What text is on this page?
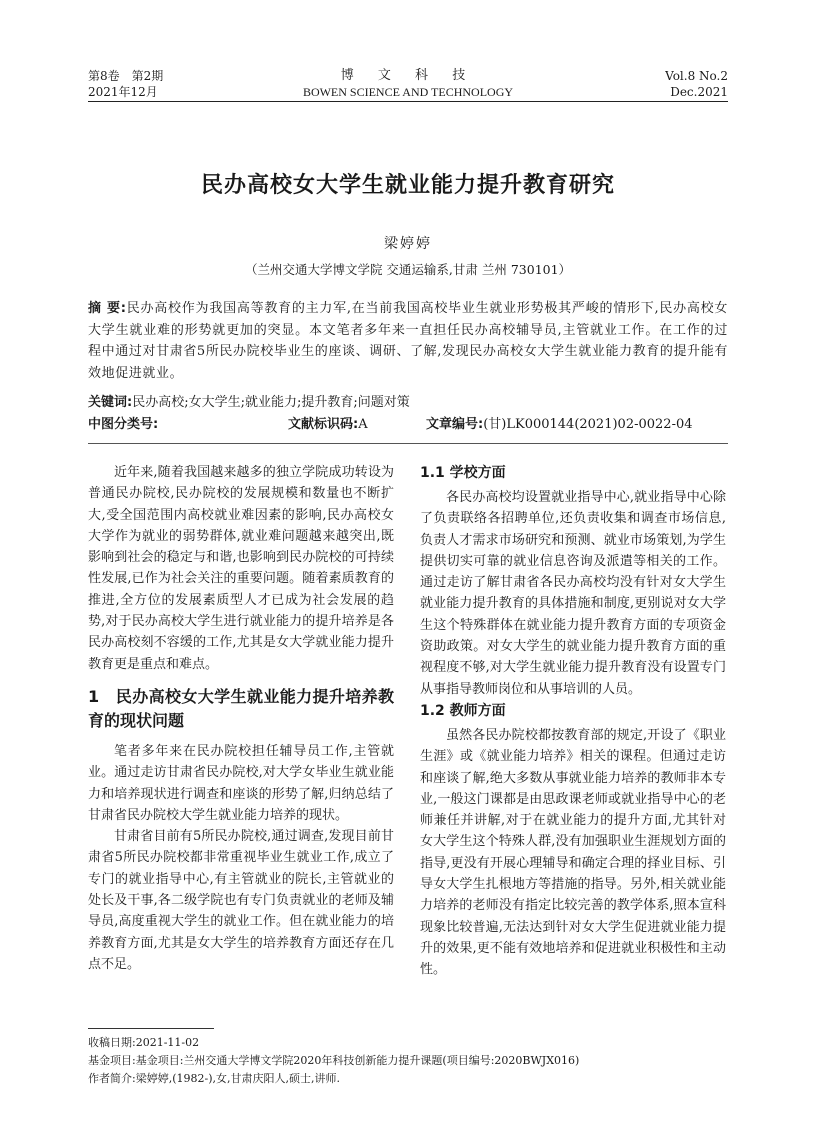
第8卷　第2期
2021年12月
博 文 科 技
BOWEN SCIENCE AND TECHNOLOGY
Vol.8 No.2
Dec.2021
民办高校女大学生就业能力提升教育研究
梁婷婷
（兰州交通大学博文学院 交通运输系,甘肃 兰州 730101）
摘 要:民办高校作为我国高等教育的主力军,在当前我国高校毕业生就业形势极其严峻的情形下,民办高校女大学生就业难的形势就更加的突显。本文笔者多年来一直担任民办高校辅导员,主管就业工作。在工作的过程中通过对甘肃省5所民办院校毕业生的座谈、调研、了解,发现民办高校女大学生就业能力教育的提升能有效地促进就业。
关键词:民办高校;女大学生;就业能力;提升教育;问题对策
中图分类号:	文献标识码:A	文章编号:(甘)LK000144(2021)02-0022-04

近年来,随着我国越来越多的独立学院成功转设为普通民办院校,民办院校的发展规模和数量也不断扩大,受全国范围内高校就业难因素的影响,民办高校女大学作为就业的弱势群体,就业难问题越来越突出,既影响到社会的稳定与和谐,也影响到民办院校的可持续性发展,已作为社会关注的重要问题。随着素质教育的推进,全方位的发展素质型人才已成为社会发展的趋势,对于民办高校大学生进行就业能力的提升培养是各民办高校刻不容缓的工作,尤其是女大学就业能力提升教育更是重点和难点。

1　民办高校女大学生就业能力提升培养教育的现状问题

笔者多年来在民办院校担任辅导员工作,主管就业。通过走访甘肃省民办院校,对大学女毕业生就业能力和培养现状进行调查和座谈的形势了解,归纳总结了甘肃省民办院校大学生就业能力培养的现状。

甘肃省目前有5所民办院校,通过调查,发现目前甘肃省5所民办院校都非常重视毕业生就业工作,成立了专门的就业指导中心,有主管就业的院长,主管就业的处长及干事,各二级学院也有专门负责就业的老师及辅导员,高度重视大学生的就业工作。但在就业能力的培养教育方面,尤其是女大学生的培养教育方面还存在几点不足。

1.1 学校方面

各民办高校均设置就业指导中心,就业指导中心除了负责联络各招聘单位,还负责收集和调查市场信息,负责人才需求市场研究和预测、就业市场策划,为学生提供切实可靠的就业信息咨询及派遣等相关的工作。通过走访了解甘肃省各民办高校均没有针对女大学生就业能力提升教育的具体措施和制度,更别说对女大学生这个特殊群体在就业能力提升教育方面的专项资金资助政策。对女大学生的就业能力提升教育方面的重视程度不够,对大学生就业能力提升教育没有设置专门从事指导教师岗位和从事培训的人员。

1.2 教师方面

虽然各民办院校都按教育部的规定,开设了《职业生涯》或《就业能力培养》相关的课程。但通过走访和座谈了解,绝大多数从事就业能力培养的教师非本专业,一般这门课都是由思政课老师或就业指导中心的老师兼任并讲解,对于在就业能力的提升方面,尤其针对女大学生这个特殊人群,没有加强职业生涯规划方面的指导,更没有开展心理辅导和确定合理的择业目标、引导女大学生扎根地方等措施的指导。另外,相关就业能力培养的老师没有指定比较完善的教学体系,照本宣科现象比较普遍,无法达到针对女大学生促进就业能力提升的效果,更不能有效地培养和促进就业积极性和主动性。

收稿日期:2021-11-02
基金项目:基金项目:兰州交通大学博文学院2020年科技创新能力提升课题(项目编号:2020BWJX016)
作者简介:梁婷婷,(1982-),女,甘肃庆阳人,硕士,讲师.
